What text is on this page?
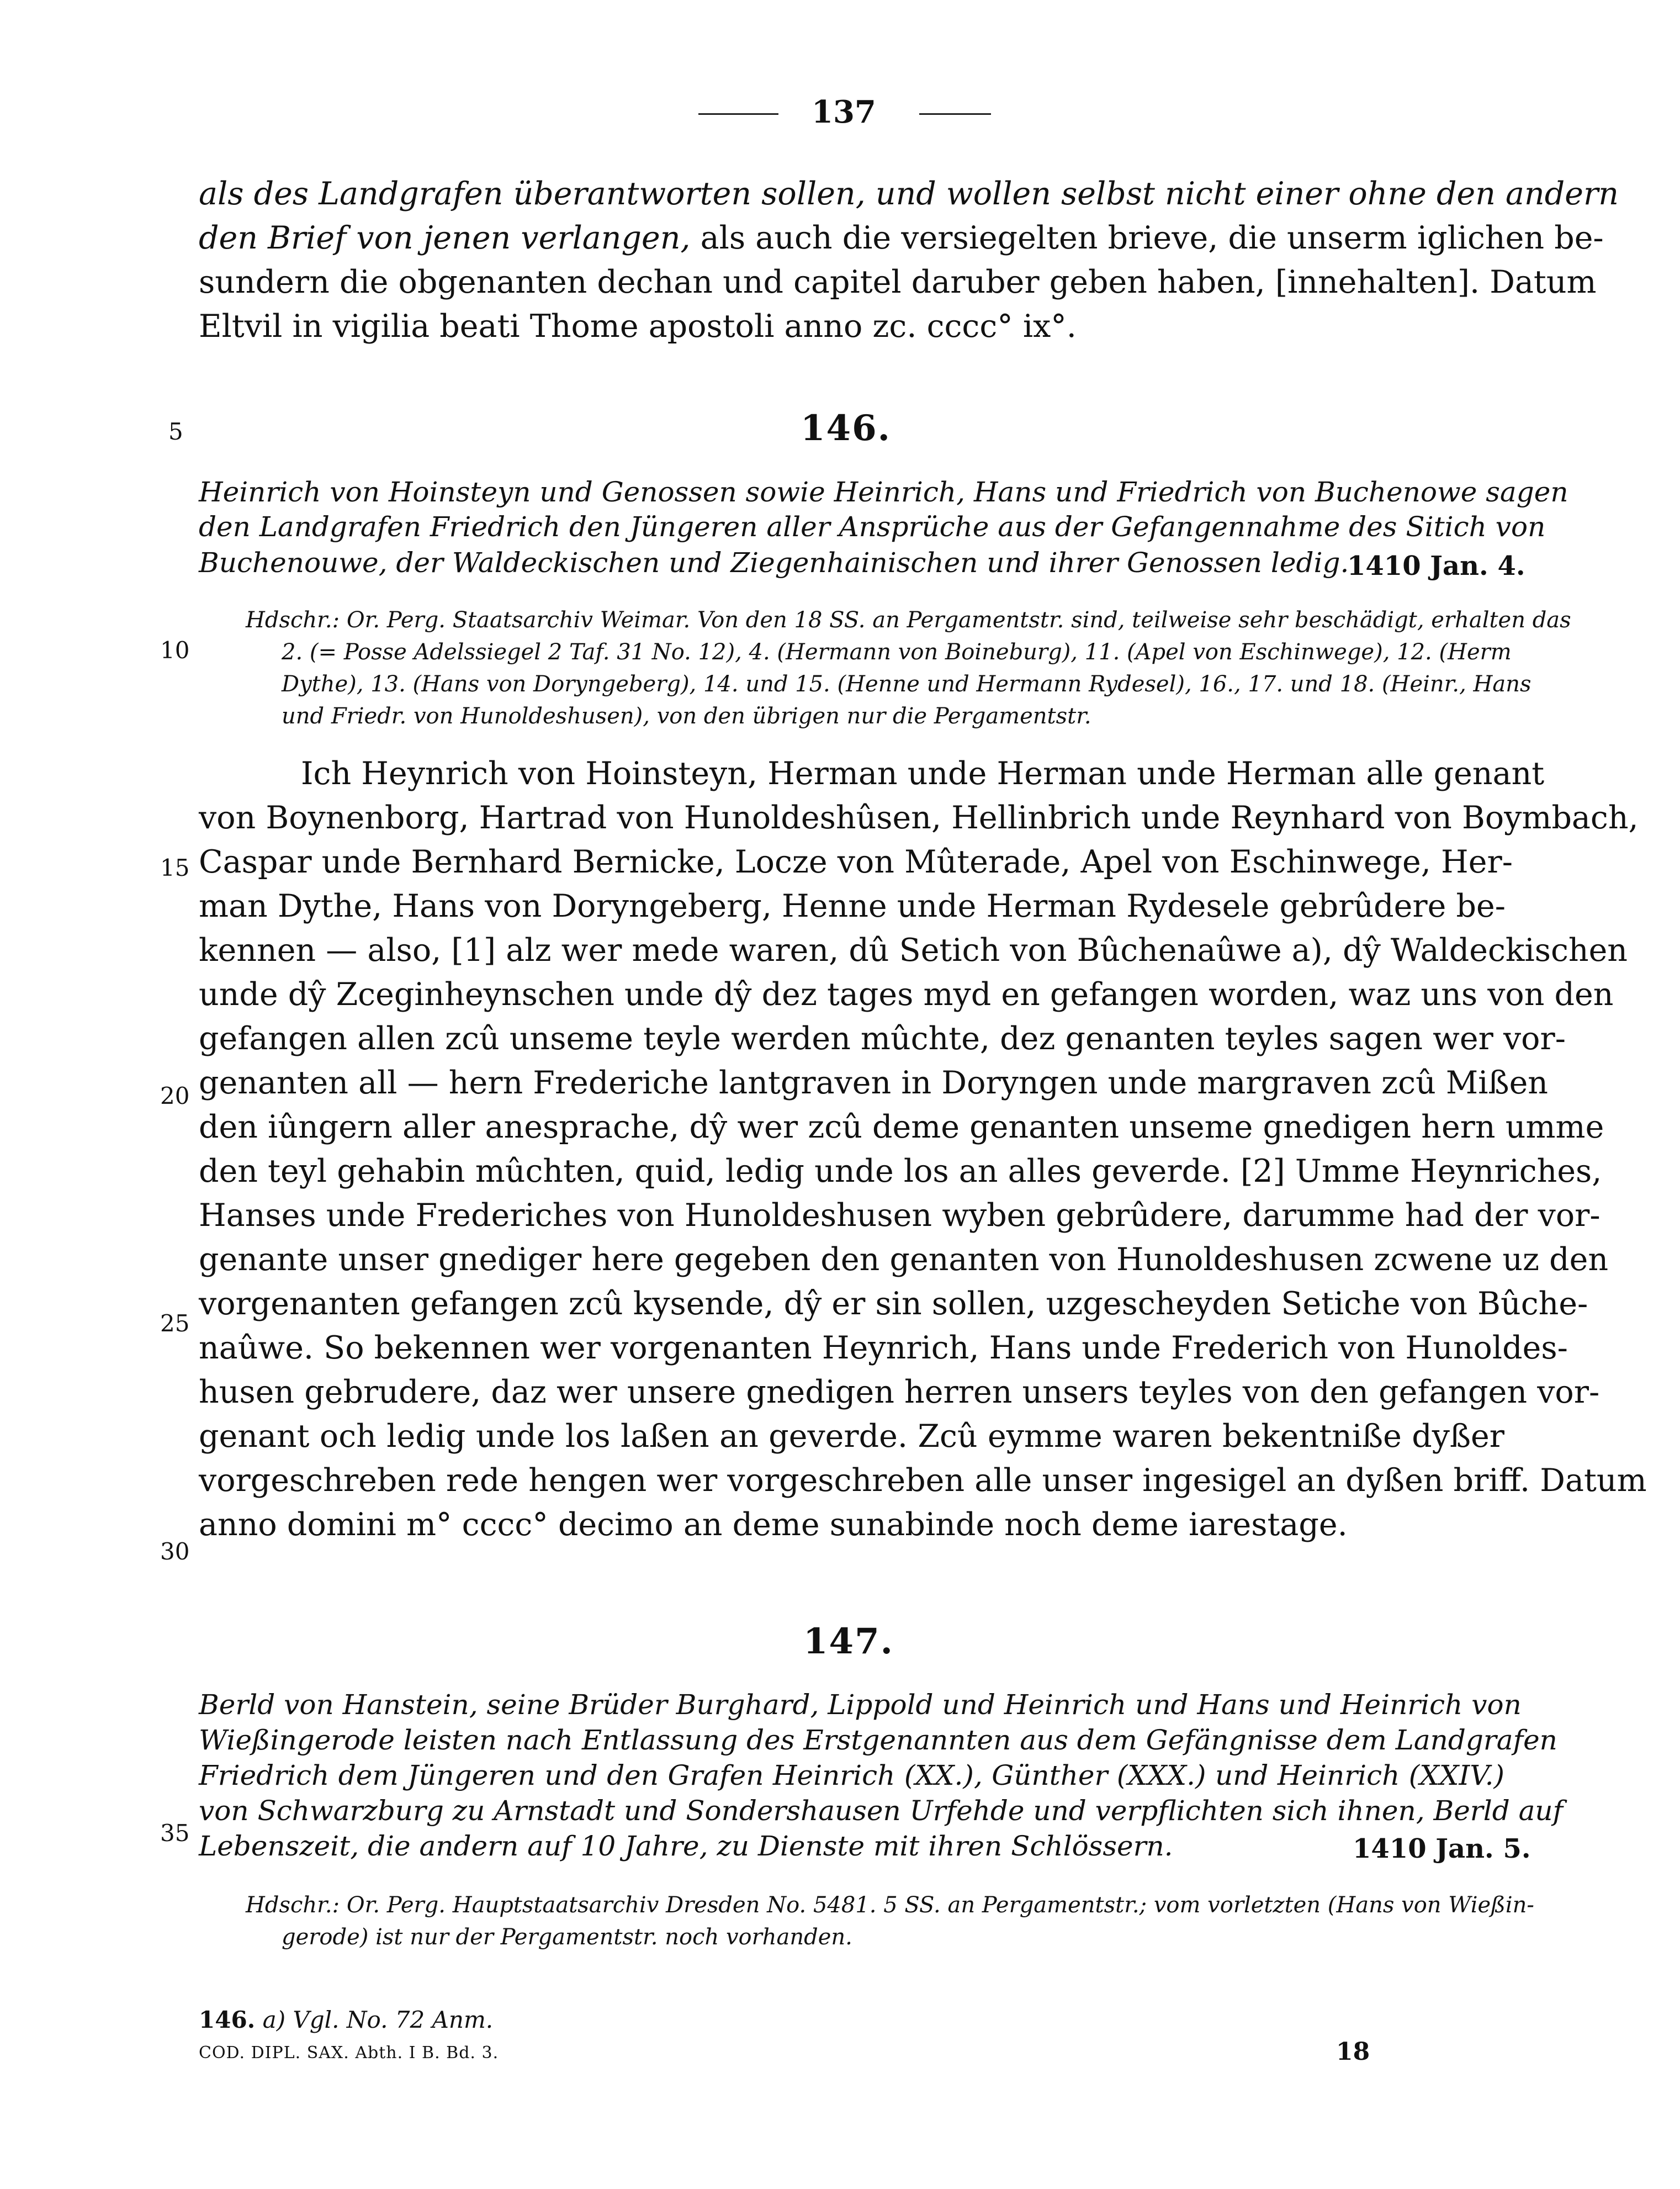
137
als des Landgrafen überantworten sollen, und wollen selbst nicht einer ohne den andern
den Brief von jenen verlangen, als auch die versiegelten brieve, die unserm iglichen be-
sundern die obgenanten dechan und capitel daruber geben haben, [innehalten]. Datum
Eltvil in vigilia beati Thome apostoli anno zc. cccc° ix°.
5
10
15
20
25
30
35
146.
Heinrich von Hoinsteyn und Genossen sowie Heinrich, Hans und Friedrich von Buchenowe sagen
den Landgrafen Friedrich den Jüngeren aller Ansprüche aus der Gefangennahme des Sitich von
Buchenouwe, der Waldeckischen und Ziegenhainischen und ihrer Genossen ledig.
1410 Jan. 4.
Hdschr.: Or. Perg. Staatsarchiv Weimar. Von den 18 SS. an Pergamentstr. sind, teilweise sehr beschädigt, erhalten das
2. (= Posse Adelssiegel 2 Taf. 31 No. 12), 4. (Hermann von Boineburg), 11. (Apel von Eschinwege), 12. (Herm
Dythe), 13. (Hans von Doryngeberg), 14. und 15. (Henne und Hermann Rydesel), 16., 17. und 18. (Heinr., Hans
und Friedr. von Hunoldeshusen), von den übrigen nur die Pergamentstr.
Ich Heynrich von Hoinsteyn, Herman unde Herman unde Herman alle genant
von Boynenborg, Hartrad von Hunoldeshûsen, Hellinbrich unde Reynhard von Boymbach,
Caspar unde Bernhard Bernicke, Locze von Mûterade, Apel von Eschinwege, Her-
man Dythe, Hans von Doryngeberg, Henne unde Herman Rydesele gebrûdere be-
kennen — also, [1] alz wer mede waren, dû Setich von Bûchenaûwe a), dŷ Waldeckischen
unde dŷ Zceginheynschen unde dŷ dez tages myd en gefangen worden, waz uns von den
gefangen allen zcû unseme teyle werden mûchte, dez genanten teyles sagen wer vor-
genanten all — hern Frederiche lantgraven in Doryngen unde margraven zcû Mißen
den iûngern aller anesprache, dŷ wer zcû deme genanten unseme gnedigen hern umme
den teyl gehabin mûchten, quid, ledig unde los an alles geverde. [2] Umme Heynriches,
Hanses unde Frederiches von Hunoldeshusen wyben gebrûdere, darumme had der vor-
genante unser gnediger here gegeben den genanten von Hunoldeshusen zcwene uz den
vorgenanten gefangen zcû kysende, dŷ er sin sollen, uzgescheyden Setiche von Bûche-
naûwe. So bekennen wer vorgenanten Heynrich, Hans unde Frederich von Hunoldes-
husen gebrudere, daz wer unsere gnedigen herren unsers teyles von den gefangen vor-
genant och ledig unde los laßen an geverde. Zcû eymme waren bekentniße dyßer
vorgeschreben rede hengen wer vorgeschreben alle unser ingesigel an dyßen briff. Datum
anno domini m° cccc° decimo an deme sunabinde noch deme iarestage.
147.
Berld von Hanstein, seine Brüder Burghard, Lippold und Heinrich und Hans und Heinrich von
Wießingerode leisten nach Entlassung des Erstgenannten aus dem Gefängnisse dem Landgrafen
Friedrich dem Jüngeren und den Grafen Heinrich (XX.), Günther (XXX.) und Heinrich (XXIV.)
von Schwarzburg zu Arnstadt und Sondershausen Urfehde und verpflichten sich ihnen, Berld auf
Lebenszeit, die andern auf 10 Jahre, zu Dienste mit ihren Schlössern.	1410 Jan. 5.
Hdschr.: Or. Perg. Hauptstaatsarchiv Dresden No. 5481. 5 SS. an Pergamentstr.; vom vorletzten (Hans von Wießin-
gerode) ist nur der Pergamentstr. noch vorhanden.
146. a) Vgl. No. 72 Anm.
COD. DIPL. SAX. Abth. I B. Bd. 3.	18
